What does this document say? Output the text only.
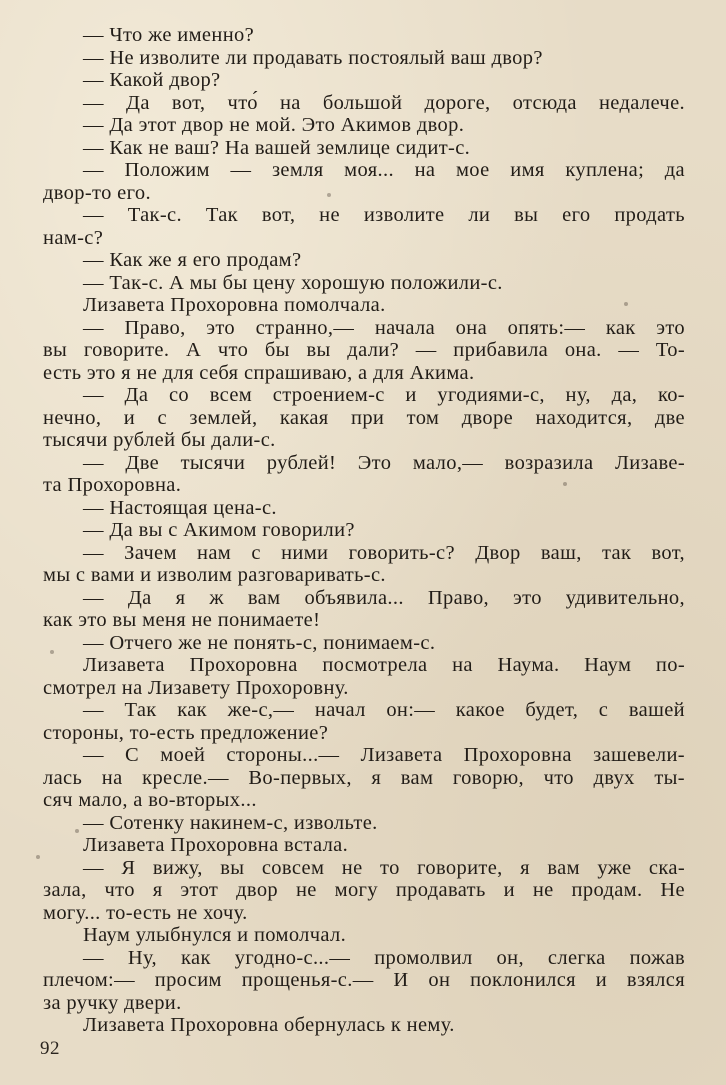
— Что же именно?

— Не изволите ли продавать постоялый ваш двор?

— Какой двор?

— Да вот, что́ на большой дороге, отсюда недалече.

— Да этот двор не мой. Это Акимов двор.

— Как не ваш? На вашей землице сидит-с.

— Положим — земля моя... на мое имя куплена; да

двор-то его.

— Так-с. Так вот, не изволите ли вы его продать

нам-с?

— Как же я его продам?

— Так-с. А мы бы цену хорошую положили-с.

Лизавета Прохоровна помолчала.

— Право, это странно,— начала она опять:— как это

вы говорите. А что бы вы дали? — прибавила она. — То-

есть это я не для себя спрашиваю, а для Акима.

— Да со всем строением-с и угодиями-с, ну, да, ко-

нечно, и с землей, какая при том дворе находится, две

тысячи рублей бы дали-с.

— Две тысячи рублей! Это мало,— возразила Лизаве-

та Прохоровна.

— Настоящая цена-с.

— Да вы с Акимом говорили?

— Зачем нам с ними говорить-с? Двор ваш, так вот,

мы с вами и изволим разговаривать-с.

— Да я ж вам объявила... Право, это удивительно,

как это вы меня не понимаете!

— Отчего же не понять-с, понимаем-с.

Лизавета Прохоровна посмотрела на Наума. Наум по-

смотрел на Лизавету Прохоровну.

— Так как же-с,— начал он:— какое будет, с вашей

стороны, то-есть предложение?

— С моей стороны...— Лизавета Прохоровна зашевели-

лась на кресле.— Во-первых, я вам говорю, что двух ты-

сяч мало, а во-вторых...

— Сотенку накинем-с, извольте.

Лизавета Прохоровна встала.

— Я вижу, вы совсем не то говорите, я вам уже ска-

зала, что я этот двор не могу продавать и не продам. Не

могу... то-есть не хочу.

Наум улыбнулся и помолчал.

— Ну, как угодно-с...— промолвил он, слегка пожав

плечом:— просим прощенья-с.— И он поклонился и взялся

за ручку двери.

Лизавета Прохоровна обернулась к нему.

92
